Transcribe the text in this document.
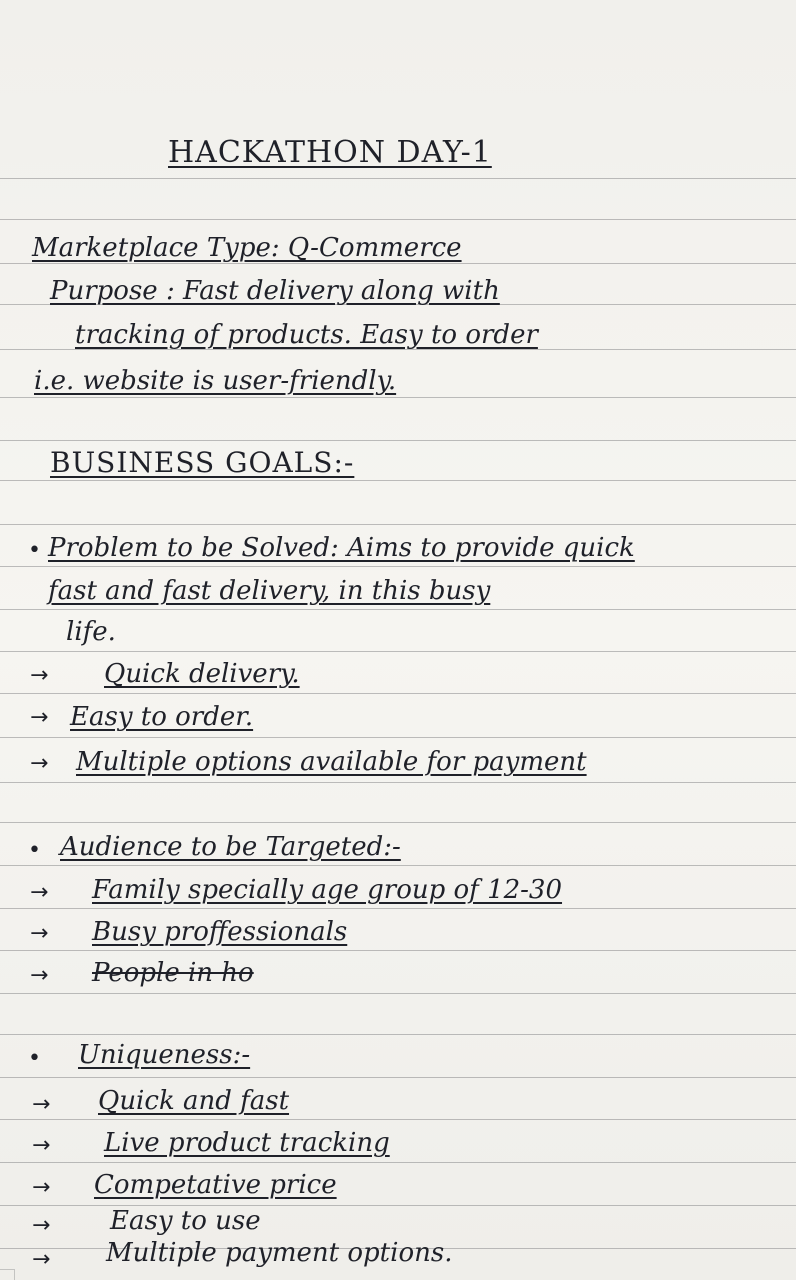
HACKATHON DAY-1
Marketplace Type: Q-Commerce
Purpose : Fast delivery along with
tracking of products. Easy to order
i.e. website is user-friendly.
BUSINESS GOALS:-
• Problem to be Solved: Aims to provide quick
fast and fast delivery, in this busy
life.
→ Quick delivery.
→ Easy to order.
→ Multiple options available for payment
• Audience to be Targeted:-
→ Family specially age group of 12-30
→ Busy proffessionals
→ People in ho
• Uniqueness:-
→ Quick and fast
→ Live product tracking
→ Competative price
→ Easy to use
→ Multiple payment options.
